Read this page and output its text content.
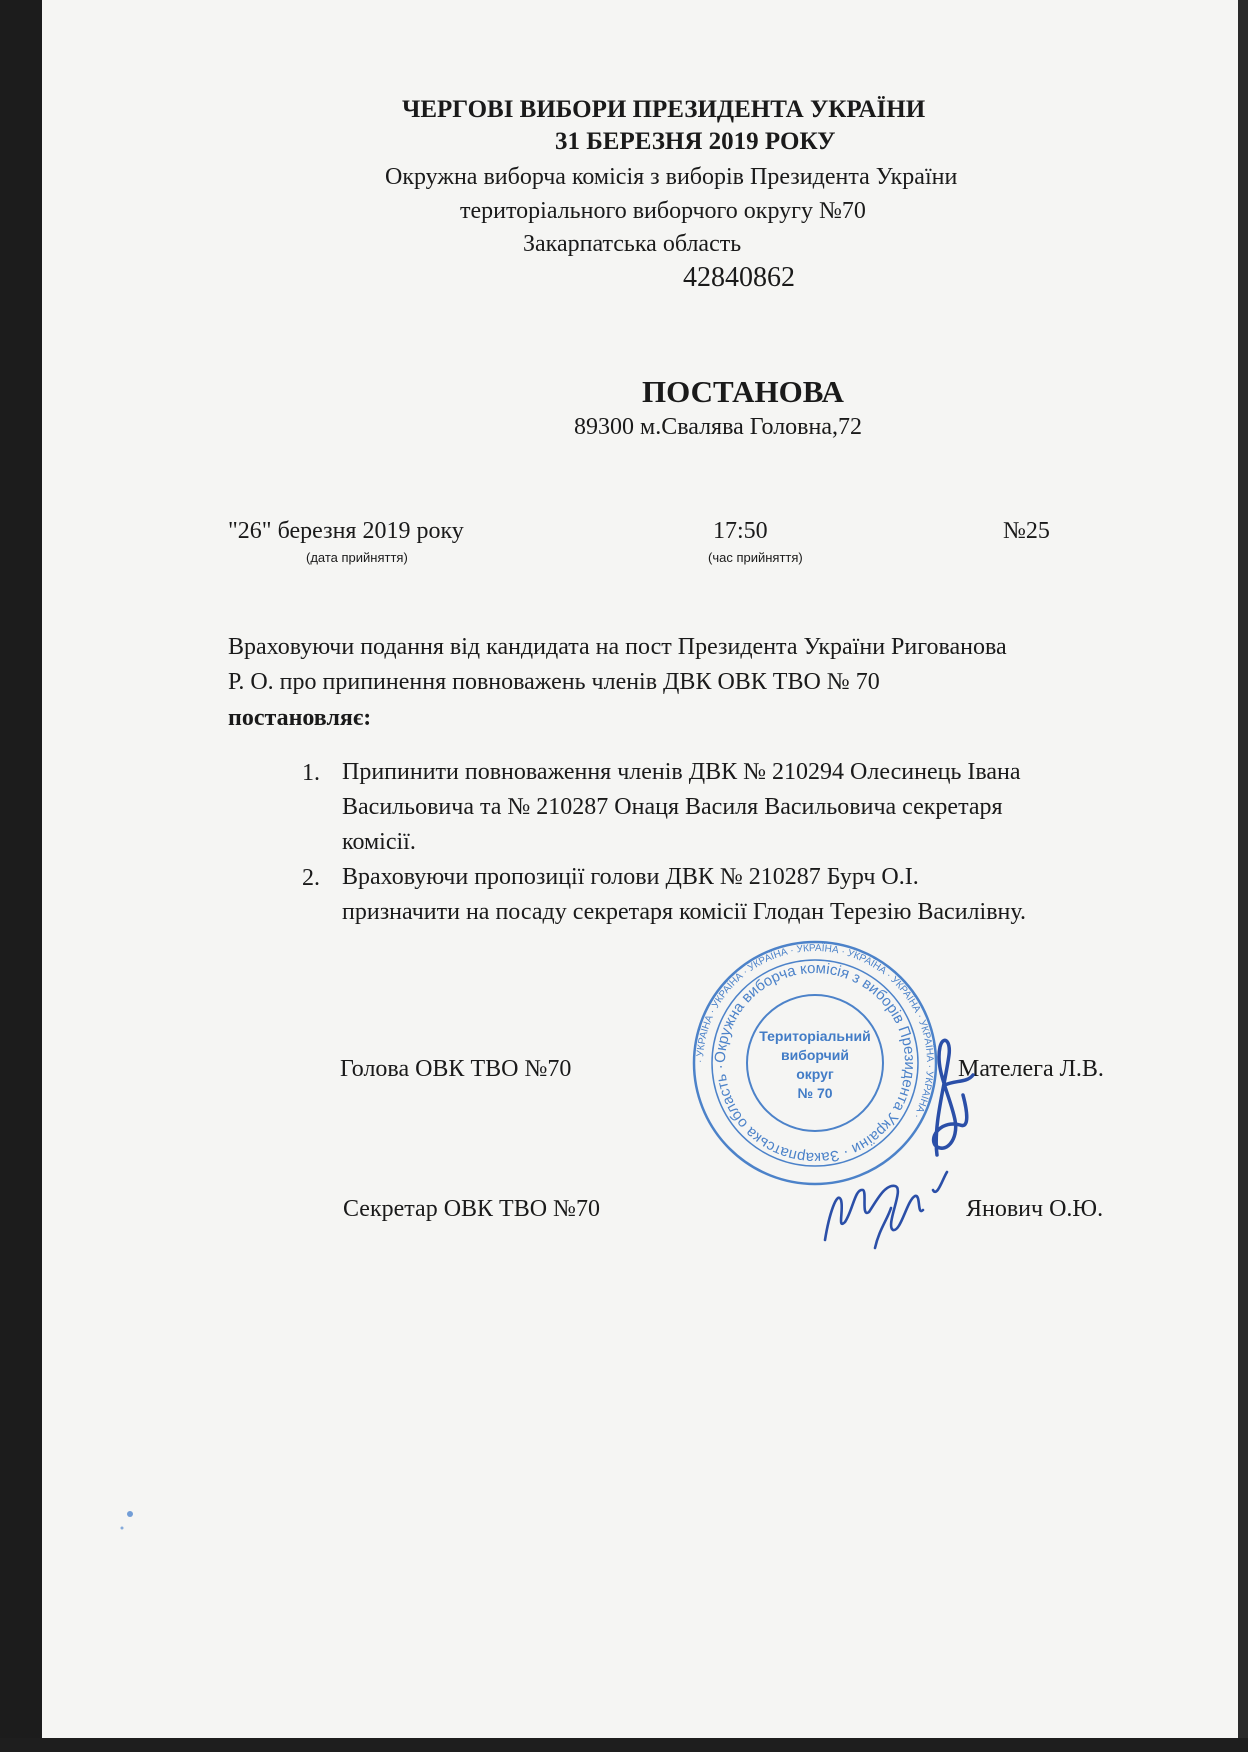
ЧЕРГОВІ ВИБОРИ ПРЕЗИДЕНТА УКРАЇНИ
31 БЕРЕЗНЯ 2019 РОКУ
Окружна виборча комісія з виборів Президента України
територіального виборчого округу №70
Закарпатська область
42840862
ПОСТАНОВА
89300 м.Свалява Головна,72
"26" березня 2019 року
(дата прийняття)
17:50
(час прийняття)
№25
Враховуючи подання від кандидата на пост Президента України Ригованова
Р. О. про припинення повноважень членів ДВК ОВК ТВО № 70
постановляє:
1. Припинити повноваження членів ДВК № 210294 Олесинець Івана
Васильовича та № 210287 Онаця Василя Васильовича секретаря
комісії.
2. Враховуючи пропозиції голови ДВК № 210287 Бурч О.І.
призначити на посаду секретаря комісії Глодан Терезію Василівну.
· УКРАЇНА · УКРАЇНА · УКРАЇНА · УКРАЇНА · УКРАЇНА · УКРАЇНА · УКРАЇНА · УКРАЇНА ·
Окружна виборча комісія з виборів Президента України · Закарпатська область ·
Територіальний
виборчий
округ
№ 70
Голова ОВК ТВО №70	Мателега Л.В.
Секретар ОВК ТВО №70	Янович О.Ю.
